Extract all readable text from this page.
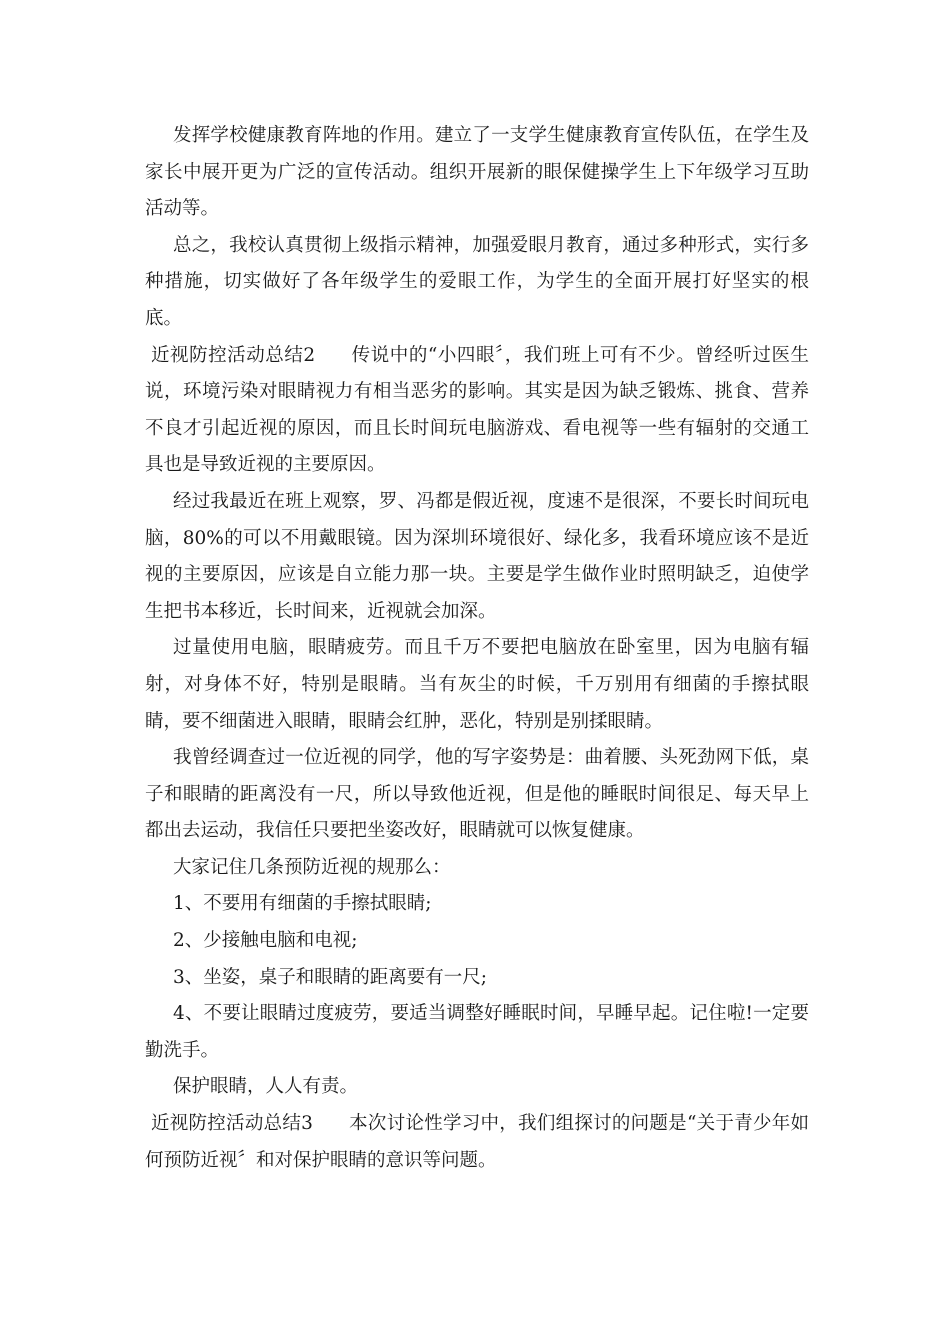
发挥学校健康教育阵地的作用。建立了一支学生健康教育宣传队伍，在学生及家长中展开更为广泛的宣传活动。组织开展新的眼保健操学生上下年级学习互助活动等。

总之，我校认真贯彻上级指示精神，加强爱眼月教育，通过多种形式，实行多种措施，切实做好了各年级学生的爱眼工作，为学生的全面开展打好坚实的根底。

近视防控活动总结2 传说中的“小四眼〞，我们班上可有不少。曾经听过医生说，环境污染对眼睛视力有相当恶劣的影响。其实是因为缺乏锻炼、挑食、营养不良才引起近视的原因，而且长时间玩电脑游戏、看电视等一些有辐射的交通工具也是导致近视的主要原因。

经过我最近在班上观察，罗、冯都是假近视，度速不是很深，不要长时间玩电脑，80%的可以不用戴眼镜。因为深圳环境很好、绿化多，我看环境应该不是近视的主要原因，应该是自立能力那一块。主要是学生做作业时照明缺乏，迫使学生把书本移近，长时间来，近视就会加深。

过量使用电脑，眼睛疲劳。而且千万不要把电脑放在卧室里，因为电脑有辐射，对身体不好，特别是眼睛。当有灰尘的时候，千万别用有细菌的手擦拭眼睛，要不细菌进入眼睛，眼睛会红肿，恶化，特别是别揉眼睛。

我曾经调查过一位近视的同学，他的写字姿势是：曲着腰、头死劲网下低，桌子和眼睛的距离没有一尺，所以导致他近视，但是他的睡眠时间很足、每天早上都出去运动，我信任只要把坐姿改好，眼睛就可以恢复健康。

大家记住几条预防近视的规那么：

1、不要用有细菌的手擦拭眼睛;

2、少接触电脑和电视;

3、坐姿，桌子和眼睛的距离要有一尺;

4、不要让眼睛过度疲劳，要适当调整好睡眠时间，早睡早起。记住啦!一定要勤洗手。

保护眼睛，人人有责。

近视防控活动总结3 本次讨论性学习中，我们组探讨的问题是“关于青少年如何预防近视〞和对保护眼睛的意识等问题。
